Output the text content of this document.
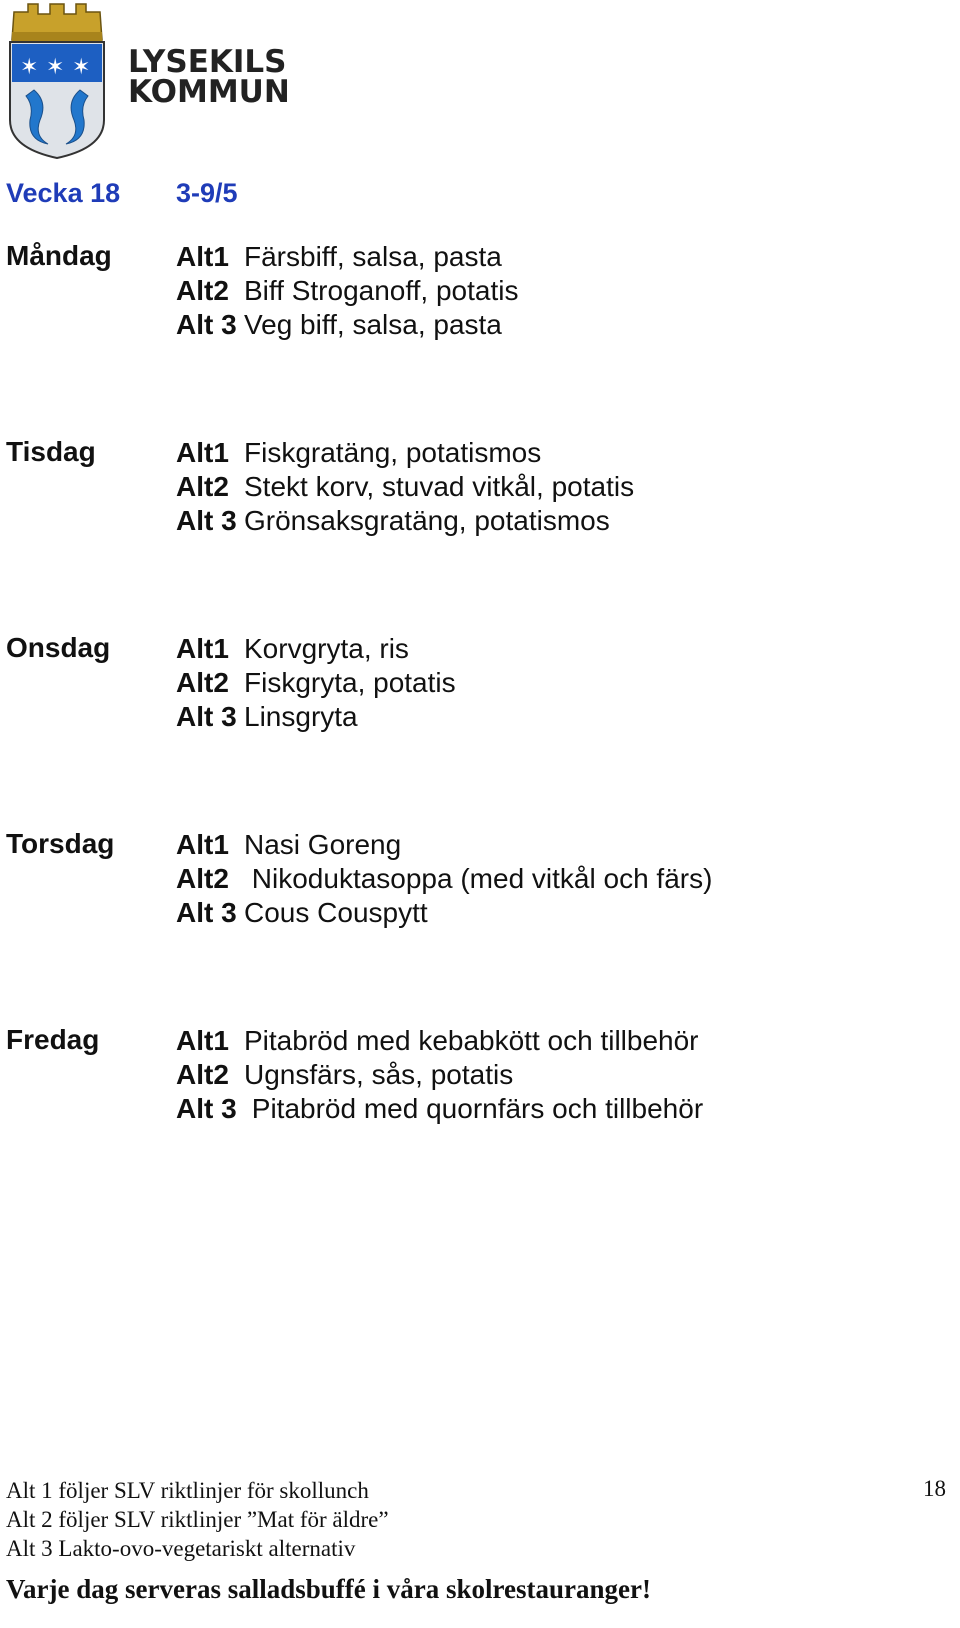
✶ ✶ ✶ LYSEKILS
KOMMUN
Vecka 18 3-9/5
Måndag Alt1 Färsbiff, salsa, pasta
Alt2 Biff Stroganoff, potatis
Alt 3 Veg biff, salsa, pasta
Tisdag	Alt1 Fiskgratäng, potatismos
Alt2 Stekt korv, stuvad vitkål, potatis
Alt 3 Grönsaksgratäng, potatismos
Onsdag Alt1 Korvgryta, ris
Alt2 Fiskgryta, potatis
Alt 3 Linsgryta
Torsdag Alt1 Nasi Goreng
Alt2 Nikoduktasoppa (med vitkål och färs)
Alt 3 Cous Couspytt
Fredag	Alt1 Pitabröd med kebabkött och tillbehör
Alt2 Ugnsfärs, sås, potatis
Alt 3 Pitabröd med quornfärs och tillbehör
Alt 1 följer SLV riktlinjer för skollunch
Alt 2 följer SLV riktlinjer ”Mat för äldre”
Alt 3 Lakto-ovo-vegetariskt alternativ
18
Varje dag serveras salladsbuffé i våra skolrestauranger!
